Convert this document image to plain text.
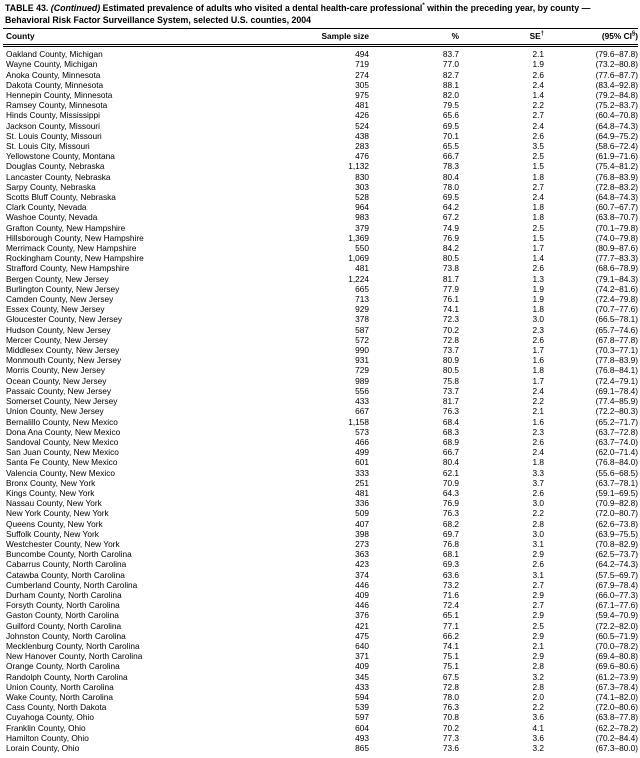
TABLE 43. (Continued) Estimated prevalence of adults who visited a dental health-care professional* within the preceding year, by county — Behavioral Risk Factor Surveillance System, selected U.S. counties, 2004
County	Sample size	%	SE†	(95% CI§)
Oakland County, Michigan	494	83.7	2.1	(79.6–87.8)
Wayne County, Michigan	719	77.0	1.9	(73.2–80.8)
Anoka County, Minnesota	274	82.7	2.6	(77.6–87.7)
Dakota County, Minnesota	305	88.1	2.4	(83.4–92.8)
Hennepin County, Minnesota	975	82.0	1.4	(79.2–84.8)
Ramsey County, Minnesota	481	79.5	2.2	(75.2–83.7)
Hinds County, Mississippi	426	65.6	2.7	(60.4–70.8)
Jackson County, Missouri	524	69.5	2.4	(64.8–74.3)
St. Louis County, Missouri	438	70.1	2.6	(64.9–75.2)
St. Louis City, Missouri	283	65.5	3.5	(58.6–72.4)
Yellowstone County, Montana	476	66.7	2.5	(61.9–71.6)
Douglas County, Nebraska	1,132	78.3	1.5	(75.4–81.2)
Lancaster County, Nebraska	830	80.4	1.8	(76.8–83.9)
Sarpy County, Nebraska	303	78.0	2.7	(72.8–83.2)
Scotts Bluff County, Nebraska	528	69.5	2.4	(64.8–74.3)
Clark County, Nevada	964	64.2	1.8	(60.7–67.7)
Washoe County, Nevada	983	67.2	1.8	(63.8–70.7)
Grafton County, New Hampshire	379	74.9	2.5	(70.1–79.8)
Hillsborough County, New Hampshire	1,369	76.9	1.5	(74.0–79.8)
Merrimack County, New Hampshire	550	84.2	1.7	(80.9–87.6)
Rockingham County, New Hampshire	1,069	80.5	1.4	(77.7–83.3)
Strafford County, New Hampshire	481	73.8	2.6	(68.6–78.9)
Bergen County, New Jersey	1,224	81.7	1.3	(79.1–84.3)
Burlington County, New Jersey	665	77.9	1.9	(74.2–81.6)
Camden County, New Jersey	713	76.1	1.9	(72.4–79.8)
Essex County, New Jersey	929	74.1	1.8	(70.7–77.6)
Gloucester County, New Jersey	378	72.3	3.0	(66.5–78.1)
Hudson County, New Jersey	587	70.2	2.3	(65.7–74.6)
Mercer County, New Jersey	572	72.8	2.6	(67.8–77.8)
Middlesex County, New Jersey	990	73.7	1.7	(70.3–77.1)
Monmouth County, New Jersey	931	80.9	1.6	(77.8–83.9)
Morris County, New Jersey	729	80.5	1.8	(76.8–84.1)
Ocean County, New Jersey	989	75.8	1.7	(72.4–79.1)
Passaic County, New Jersey	556	73.7	2.4	(69.1–78.4)
Somerset County, New Jersey	433	81.7	2.2	(77.4–85.9)
Union County, New Jersey	667	76.3	2.1	(72.2–80.3)
Bernalillo County, New Mexico	1,158	68.4	1.6	(65.2–71.7)
Dona Ana County, New Mexico	573	68.3	2.3	(63.7–72.8)
Sandoval County, New Mexico	466	68.9	2.6	(63.7–74.0)
San Juan County, New Mexico	499	66.7	2.4	(62.0–71.4)
Santa Fe County, New Mexico	601	80.4	1.8	(76.8–84.0)
Valencia County, New Mexico	333	62.1	3.3	(55.6–68.5)
Bronx County, New York	251	70.9	3.7	(63.7–78.1)
Kings County, New York	481	64.3	2.6	(59.1–69.5)
Nassau County, New York	336	76.9	3.0	(70.9–82.8)
New York County, New York	509	76.3	2.2	(72.0–80.7)
Queens County, New York	407	68.2	2.8	(62.6–73.8)
Suffolk County, New York	398	69.7	3.0	(63.9–75.5)
Westchester County, New York	273	76.8	3.1	(70.8–82.9)
Buncombe County, North Carolina	363	68.1	2.9	(62.5–73.7)
Cabarrus County, North Carolina	423	69.3	2.6	(64.2–74.3)
Catawba County, North Carolina	374	63.6	3.1	(57.5–69.7)
Cumberland County, North Carolina	446	73.2	2.7	(67.9–78.4)
Durham County, North Carolina	409	71.6	2.9	(66.0–77.3)
Forsyth County, North Carolina	446	72.4	2.7	(67.1–77.6)
Gaston County, North Carolina	376	65.1	2.9	(59.4–70.9)
Guilford County, North Carolina	421	77.1	2.5	(72.2–82.0)
Johnston County, North Carolina	475	66.2	2.9	(60.5–71.9)
Mecklenburg County, North Carolina	640	74.1	2.1	(70.0–78.2)
New Hanover County, North Carolina	371	75.1	2.9	(69.4–80.8)
Orange County, North Carolina	409	75.1	2.8	(69.6–80.6)
Randolph County, North Carolina	345	67.5	3.2	(61.2–73.9)
Union County, North Carolina	433	72.8	2.8	(67.3–78.4)
Wake County, North Carolina	594	78.0	2.0	(74.1–82.0)
Cass County, North Dakota	539	76.3	2.2	(72.0–80.6)
Cuyahoga County, Ohio	597	70.8	3.6	(63.8–77.8)
Franklin County, Ohio	604	70.2	4.1	(62.2–78.2)
Hamilton County, Ohio	493	77.3	3.6	(70.2–84.4)
Lorain County, Ohio	865	73.6	3.2	(67.3–80.0)
